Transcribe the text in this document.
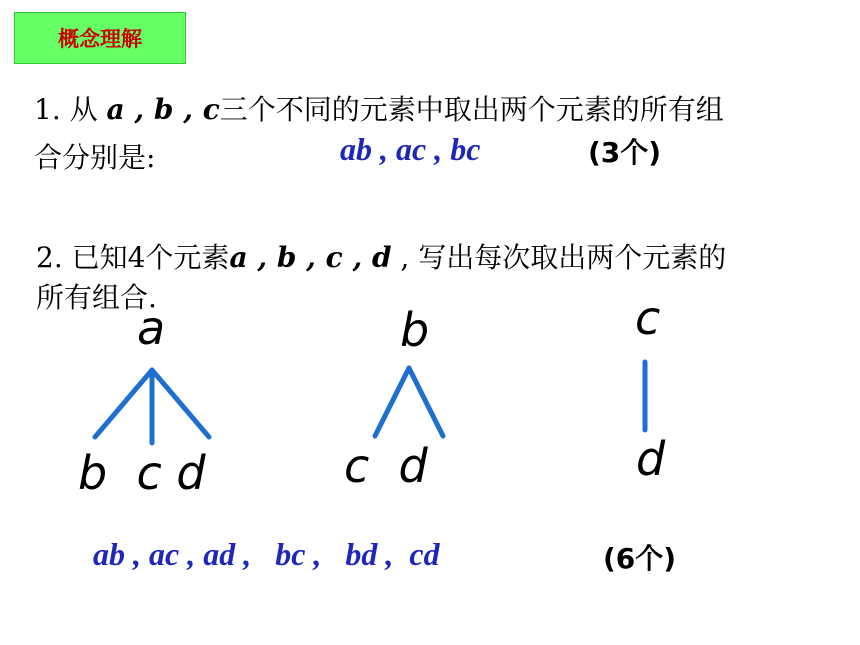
概念理解
1. 从 a , b , c三个不同的元素中取出两个元素的所有组
合分别是:	ab , ac , bc	(3个)
2. 已知4个元素a , b , c , d , 写出每次取出两个元素的
所有组合.
a
b  c d
b
c  d
c
d
ab , ac , ad ,   bc ,   bd ,  cd	(6个)
